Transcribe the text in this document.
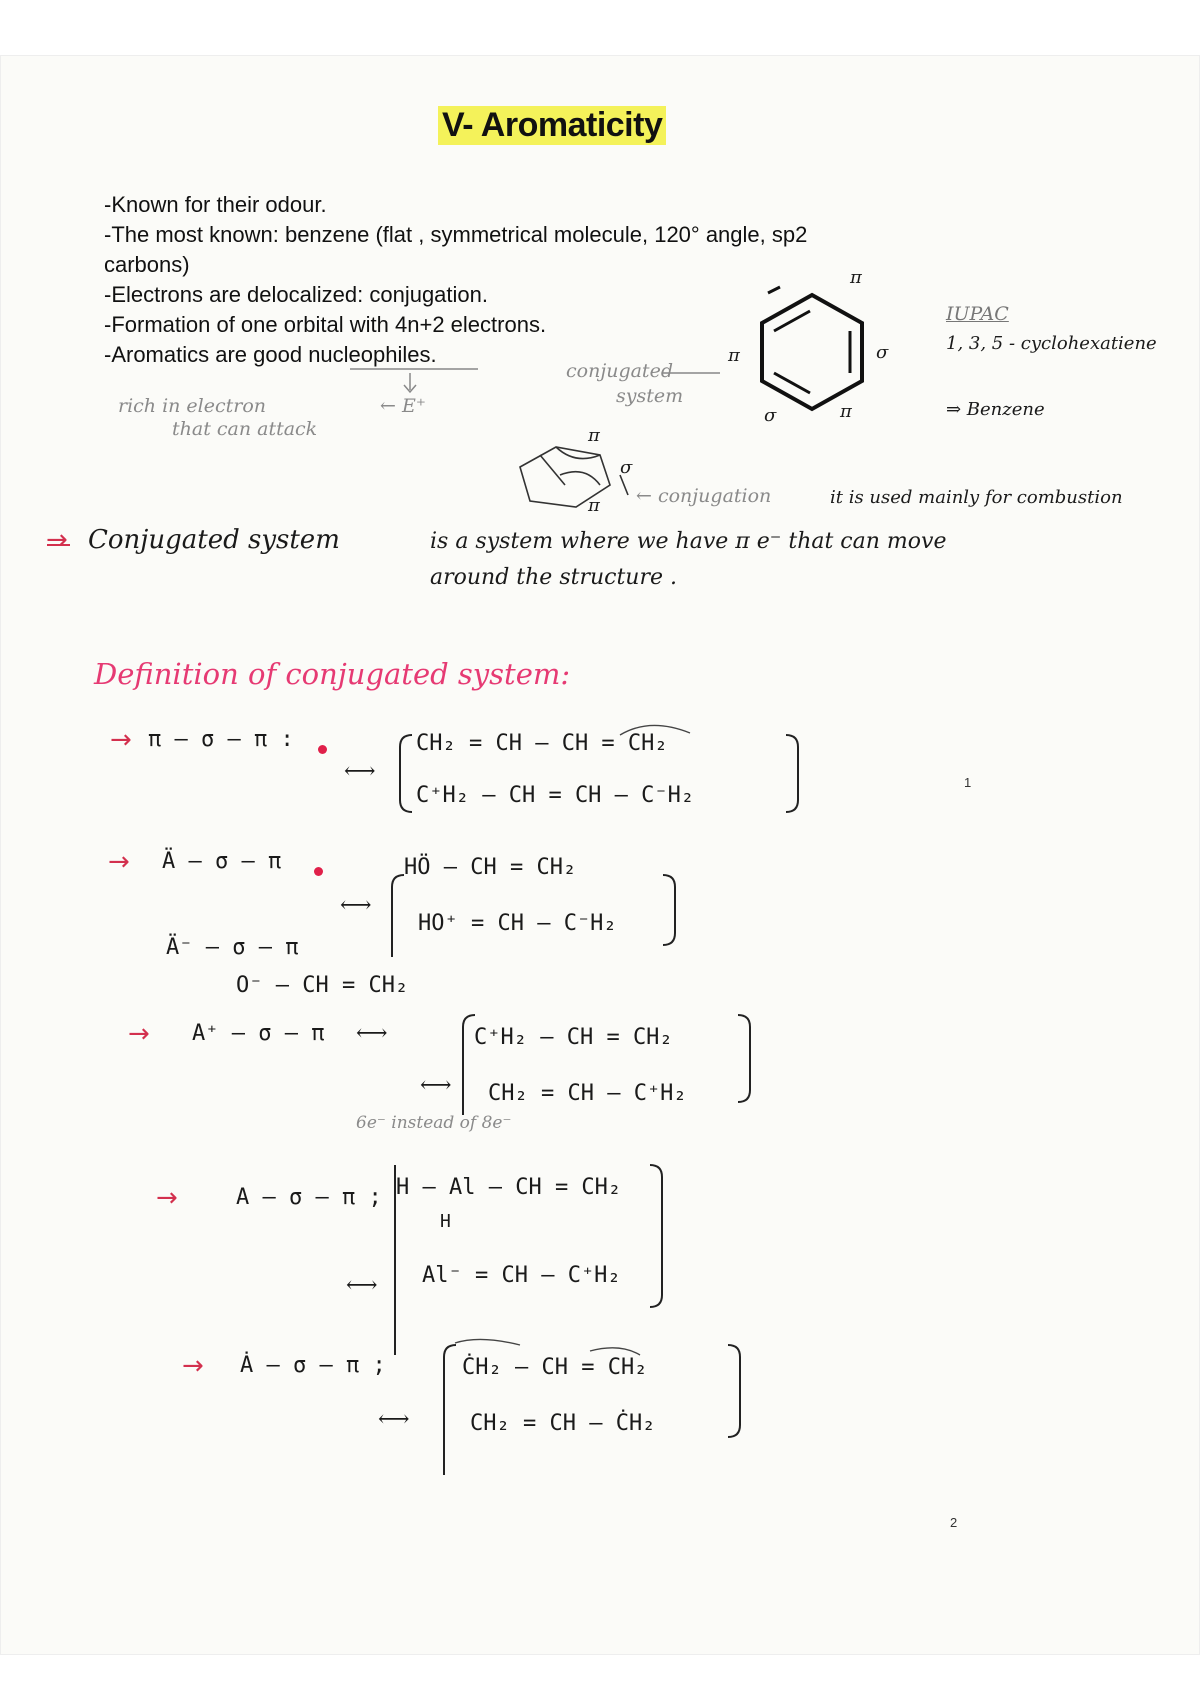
V- Aromaticity
-Known for their odour.
-The most known: benzene (flat , symmetrical molecule, 120° angle, sp2
carbons)
-Electrons are delocalized: conjugation.
-Formation of one orbital with 4n+2 electrons.
-Aromatics are good nucleophiles.
rich in electron
that can attack
← E⁺
conjugated
system
π
π	σ
σ	π
π
σ
π
IUPAC
1, 3, 5 - cyclohexatiene
⇒ Benzene
← conjugation	it is used mainly for combustion
→ Conjugated system	is a system where we have π e⁻ that can move
around the structure .
Definition of conjugated system:
→ π — σ — π :
⟷
CH₂ = CH — CH = CH₂
C⁺H₂ — CH = CH — C⁻H₂
→ Ä — σ — π
⟷
HÖ — CH = CH₂
HO⁺ = CH — C⁻H₂
Ä⁻ — σ — π
O⁻ — CH = CH₂
→ A⁺ — σ — π ⟷
⟷
C⁺H₂ — CH = CH₂
CH₂ = CH — C⁺H₂
6e⁻ instead of 8e⁻
→	A — σ — π ; H — Al — CH = CH₂
H
⟷ Al⁻ = CH — C⁺H₂
→ Ȧ — σ — π ;	ĊH₂ — CH = CH₂
⟷	CH₂ = CH — ĊH₂
1
2
